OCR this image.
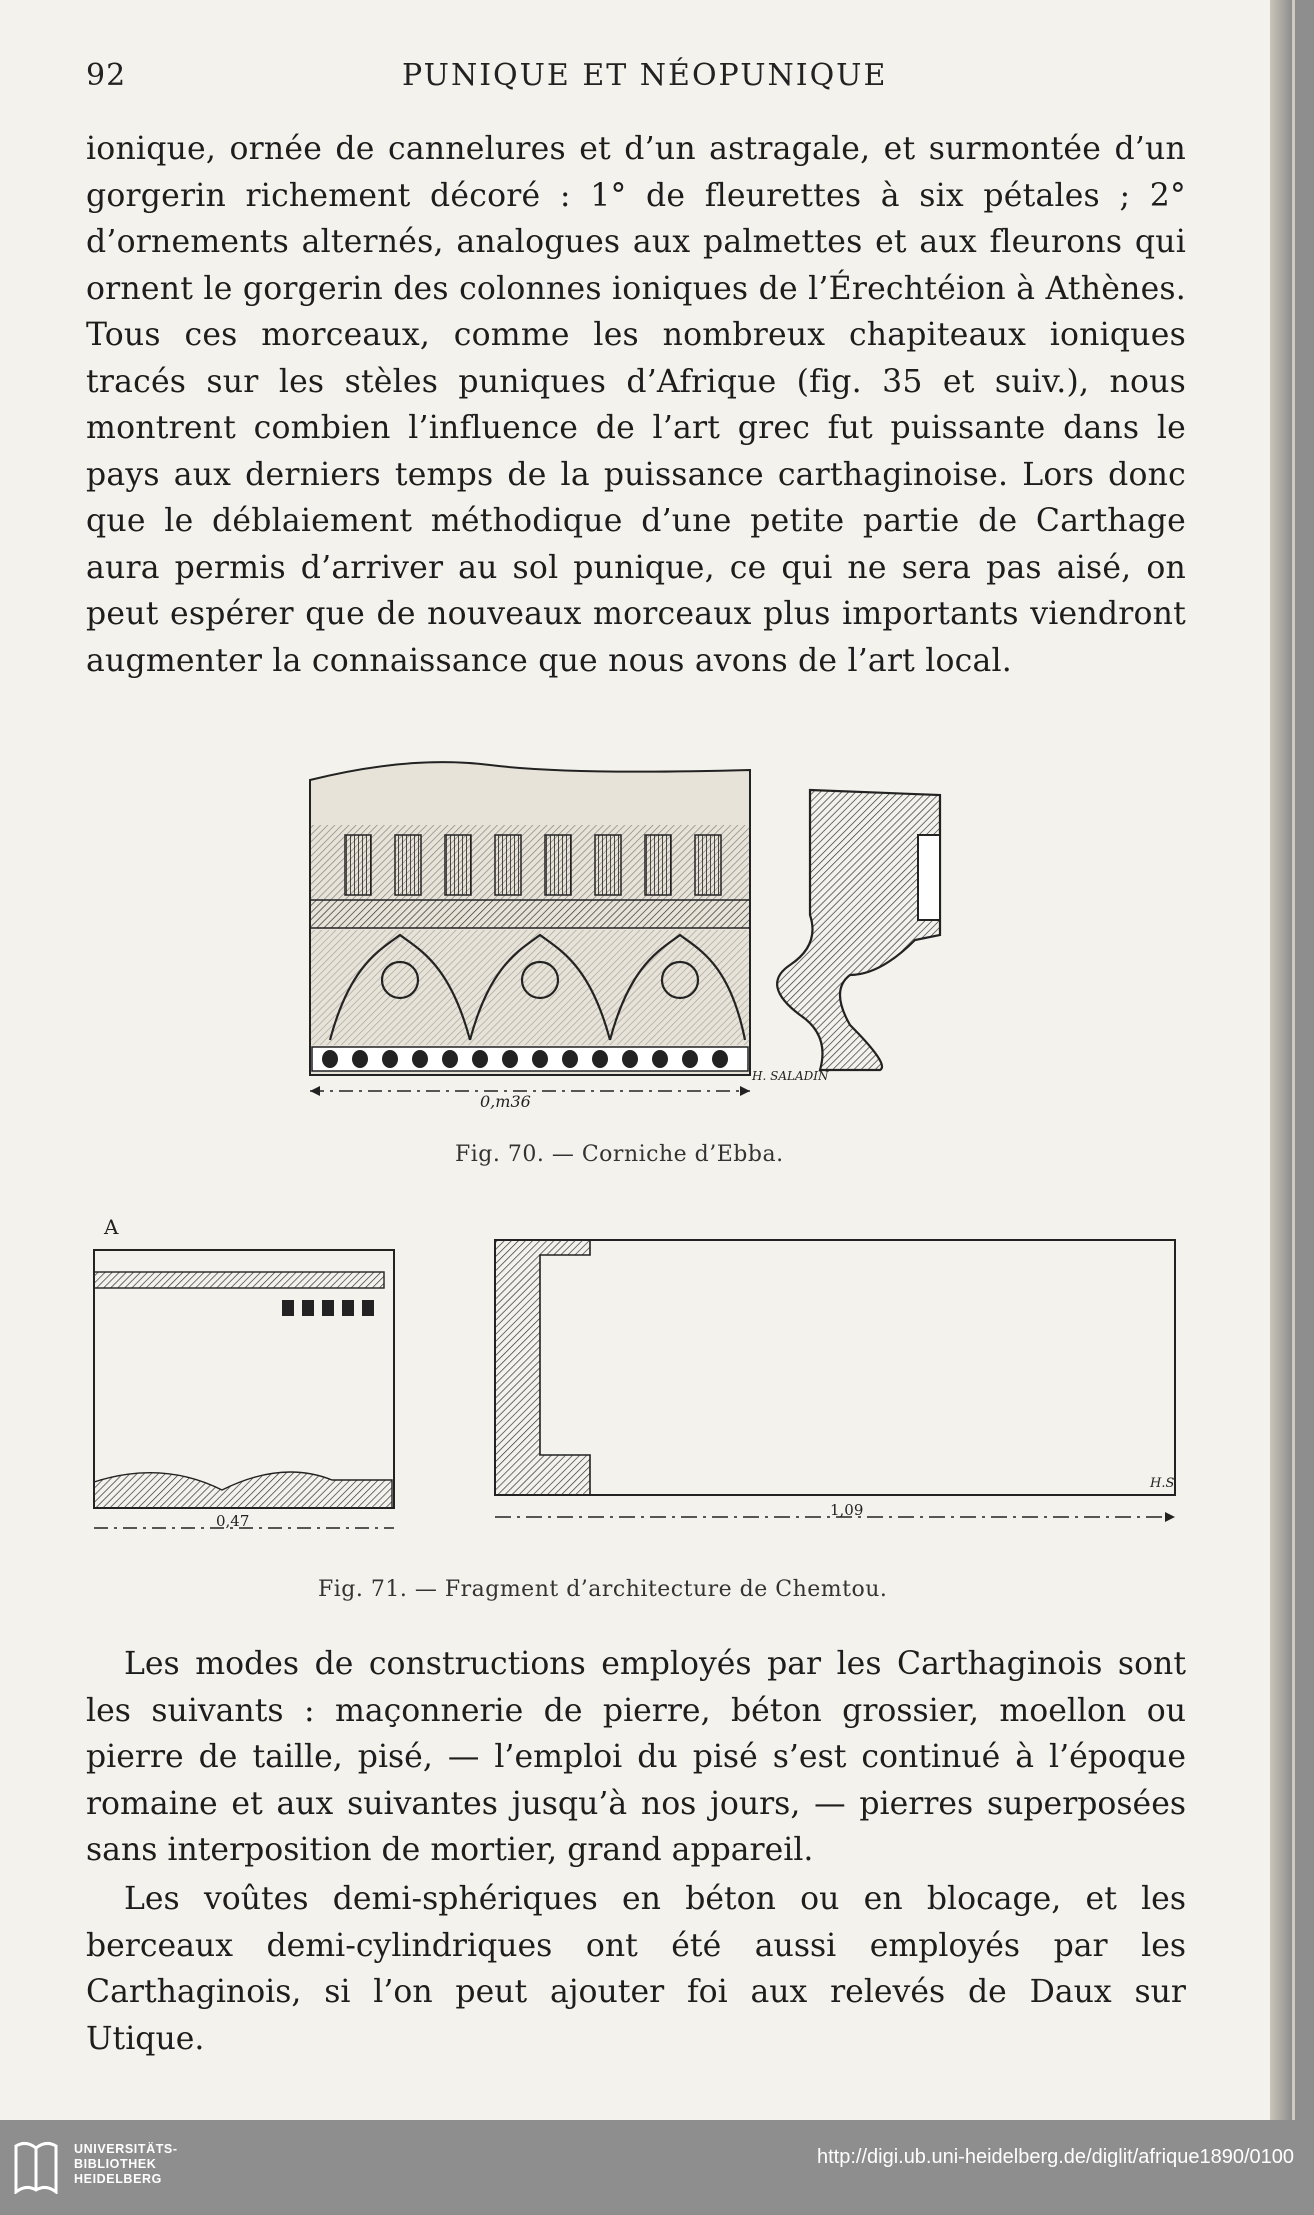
92	PUNIQUE ET NÉOPUNIQUE
ionique, ornée de cannelures et d’un astragale, et surmontée d’un gorgerin richement décoré : 1° de fleurettes à six pétales ; 2° d’ornements alternés, analogues aux palmettes et aux fleurons qui ornent le gorgerin des colonnes ioniques de l’Érechtéion à Athènes. Tous ces morceaux, comme les nombreux chapiteaux ioniques tracés sur les stèles puniques d’Afrique (fig. 35 et suiv.), nous montrent combien l’influence de l’art grec fut puissante dans le pays aux derniers temps de la puissance carthaginoise. Lors donc que le déblaiement méthodique d’une petite partie de Carthage aura permis d’arriver au sol punique, ce qui ne sera pas aisé, on peut espérer que de nouveaux morceaux plus importants viendront augmenter la connaissance que nous avons de l’art local.
0,m36
H. SALADIN
Fig. 70. — Corniche d’Ebba.
A
0,47
H.S
1,09
Fig. 71. — Fragment d’architecture de Chemtou.
Les modes de constructions employés par les Carthaginois sont les suivants : maçonnerie de pierre, béton grossier, moellon ou pierre de taille, pisé, — l’emploi du pisé s’est continué à l’époque romaine et aux suivantes jusqu’à nos jours, — pierres superposées sans interposition de mortier, grand appareil.
Les voûtes demi-sphériques en béton ou en blocage, et les berceaux demi-cylindriques ont été aussi employés par les Carthaginois, si l’on peut ajouter foi aux relevés de Daux sur Utique.
UNIVERSITÄTS-
BIBLIOTHEK
HEIDELBERG
http://digi.ub.uni-heidelberg.de/diglit/afrique1890/0100
